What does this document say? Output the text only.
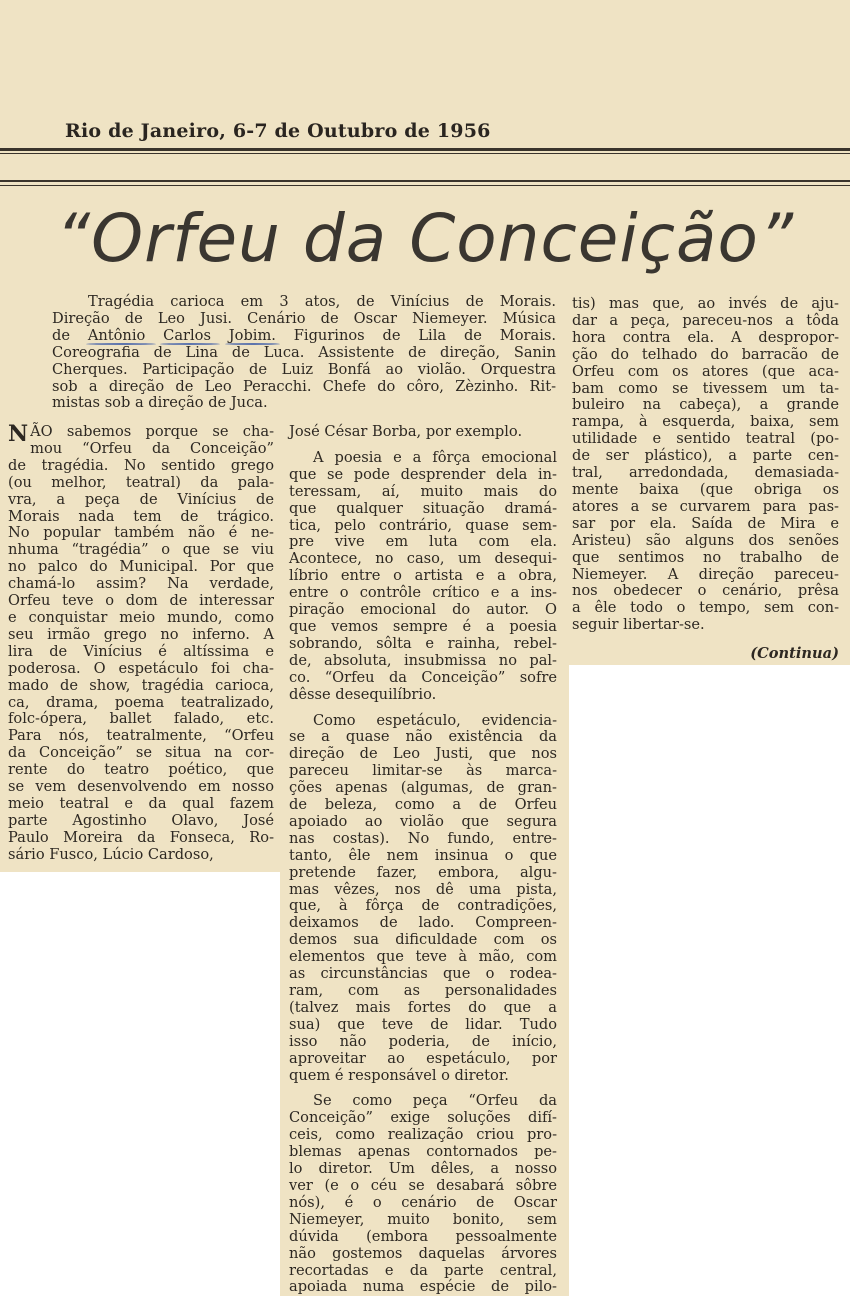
Rio de Janeiro, 6-7 de Outubro de 1956
“Orfeu da Conceição”
Tragédia carioca em 3 atos, de Vinícius de Morais.
Direção de Leo Jusi. Cenário de Oscar Niemeyer. Música
de Antônio Carlos Jobim. Figurinos de Lila de Morais.
Coreografia de Lina de Luca. Assistente de direção, Sanin
Cherques. Participação de Luiz Bonfá ao violão. Orquestra
sob a direção de Leo Peracchi. Chefe do côro, Zèzinho. Rit-
mistas sob a direção de Juca.
N ÃO sabemos porque se cha-
mou “Orfeu da Conceição”
de tragédia. No sentido grego
(ou melhor, teatral) da pala-
vra, a peça de Vinícius de
Morais nada tem de trágico.
No popular também não é ne-
nhuma “tragédia” o que se viu
no palco do Municipal. Por que
chamá-lo assim? Na verdade,
Orfeu teve o dom de interessar
e conquistar meio mundo, como
seu irmão grego no inferno. A
lira de Vinícius é altíssima e
poderosa. O espetáculo foi cha-
mado de show, tragédia carioca,
ca, drama, poema teatralizado,
folc-ópera, ballet falado, etc.
Para nós, teatralmente, “Orfeu
da Conceição” se situa na cor-
rente do teatro poético, que
se vem desenvolvendo em nosso
meio teatral e da qual fazem
parte Agostinho Olavo, José
Paulo Moreira da Fonseca, Ro-
sário Fusco, Lúcio Cardoso,
José César Borba, por exemplo.
A poesia e a fôrça emocional
que se pode desprender dela in-
teressam, aí, muito mais do
que qualquer situação dramá-
tica, pelo contrário, quase sem-
pre vive em luta com ela.
Acontece, no caso, um desequi-
líbrio entre o artista e a obra,
entre o contrôle crítico e a ins-
piração emocional do autor. O
que vemos sempre é a poesia
sobrando, sôlta e rainha, rebel-
de, absoluta, insubmissa no pal-
co. “Orfeu da Conceição” sofre
dêsse desequilíbrio.
Como espetáculo, evidencia-
se a quase não existência da
direção de Leo Justi, que nos
pareceu limitar-se às marca-
ções apenas (algumas, de gran-
de beleza, como a de Orfeu
apoiado ao violão que segura
nas costas). No fundo, entre-
tanto, êle nem insinua o que
pretende fazer, embora, algu-
mas vêzes, nos dê uma pista,
que, à fôrça de contradições,
deixamos de lado. Compreen-
demos sua dificuldade com os
elementos que teve à mão, com
as circunstâncias que o rodea-
ram, com as personalidades
(talvez mais fortes do que a
sua) que teve de lidar. Tudo
isso não poderia, de início,
aproveitar ao espetáculo, por
quem é responsável o diretor.
Se como peça “Orfeu da
Conceição” exige soluções difí-
ceis, como realização criou pro-
blemas apenas contornados pe-
lo diretor. Um dêles, a nosso
ver (e o céu se desabará sôbre
nós), é o cenário de Oscar
Niemeyer, muito bonito, sem
dúvida (embora pessoalmente
não gostemos daquelas árvores
recortadas e da parte central,
apoiada numa espécie de pilo-
tis) mas que, ao invés de aju-
dar a peça, pareceu-nos a tôda
hora contra ela. A despropor-
ção do telhado do barracão de
Orfeu com os atores (que aca-
bam como se tivessem um ta-
buleiro na cabeça), a grande
rampa, à esquerda, baixa, sem
utilidade e sentido teatral (po-
de ser plástico), a parte cen-
tral, arredondada, demasiada-
mente baixa (que obriga os
atores a se curvarem para pas-
sar por ela. Saída de Mira e
Aristeu) são alguns dos senões
que sentimos no trabalho de
Niemeyer. A direção pareceu-
nos obedecer o cenário, prêsa
a êle todo o tempo, sem con-
seguir libertar-se.
(Continua)
